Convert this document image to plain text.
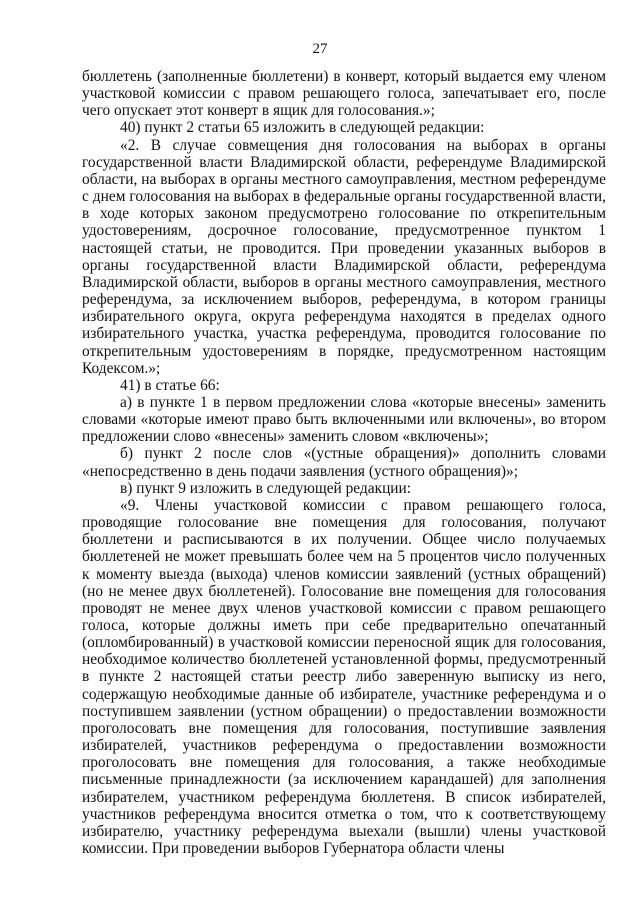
27

бюллетень (заполненные бюллетени) в конверт, который выдается ему членом участковой комиссии с правом решающего голоса, запечатывает его, после чего опускает этот конверт в ящик для голосования.»;

40) пункт 2 статьи 65 изложить в следующей редакции:

«2. В случае совмещения дня голосования на выборах в органы государственной власти Владимирской области, референдуме Владимирской области, на выборах в органы местного самоуправления, местном референдуме с днем голосования на выборах в федеральные органы государственной власти, в ходе которых законом предусмотрено голосование по открепительным удостоверениям, досрочное голосование, предусмотренное пунктом 1 настоящей статьи, не проводится. При проведении указанных выборов в органы государственной власти Владимирской области, референдума Владимирской области, выборов в органы местного самоуправления, местного референдума, за исключением выборов, референдума, в котором границы избирательного округа, округа референдума находятся в пределах одного избирательного участка, участка референдума, проводится голосование по открепительным удостоверениям в порядке, предусмотренном настоящим Кодексом.»;

41) в статье 66:

а) в пункте 1 в первом предложении слова «которые внесены» заменить словами «которые имеют право быть включенными или включены», во втором предложении слово «внесены» заменить словом «включены»;

б) пункт 2 после слов «(устные обращения)» дополнить словами «непосредственно в день подачи заявления (устного обращения)»;

в) пункт 9 изложить в следующей редакции:

«9. Члены участковой комиссии с правом решающего голоса, проводящие голосование вне помещения для голосования, получают бюллетени и расписываются в их получении. Общее число получаемых бюллетеней не может превышать более чем на 5 процентов число полученных к моменту выезда (выхода) членов комиссии заявлений (устных обращений) (но не менее двух бюллетеней). Голосование вне помещения для голосования проводят не менее двух членов участковой комиссии с правом решающего голоса, которые должны иметь при себе предварительно опечатанный (опломбированный) в участковой комиссии переносной ящик для голосования, необходимое количество бюллетеней установленной формы, предусмотренный в пункте 2 настоящей статьи реестр либо заверенную выписку из него, содержащую необходимые данные об избирателе, участнике референдума и о поступившем заявлении (устном обращении) о предоставлении возможности проголосовать вне помещения для голосования, поступившие заявления избирателей, участников референдума о предоставлении возможности проголосовать вне помещения для голосования, а также необходимые письменные принадлежности (за исключением карандашей) для заполнения избирателем, участником референдума бюллетеня. В список избирателей, участников референдума вносится отметка о том, что к соответствующему избирателю, участнику референдума выехали (вышли) члены участковой комиссии. При проведении выборов Губернатора области члены
